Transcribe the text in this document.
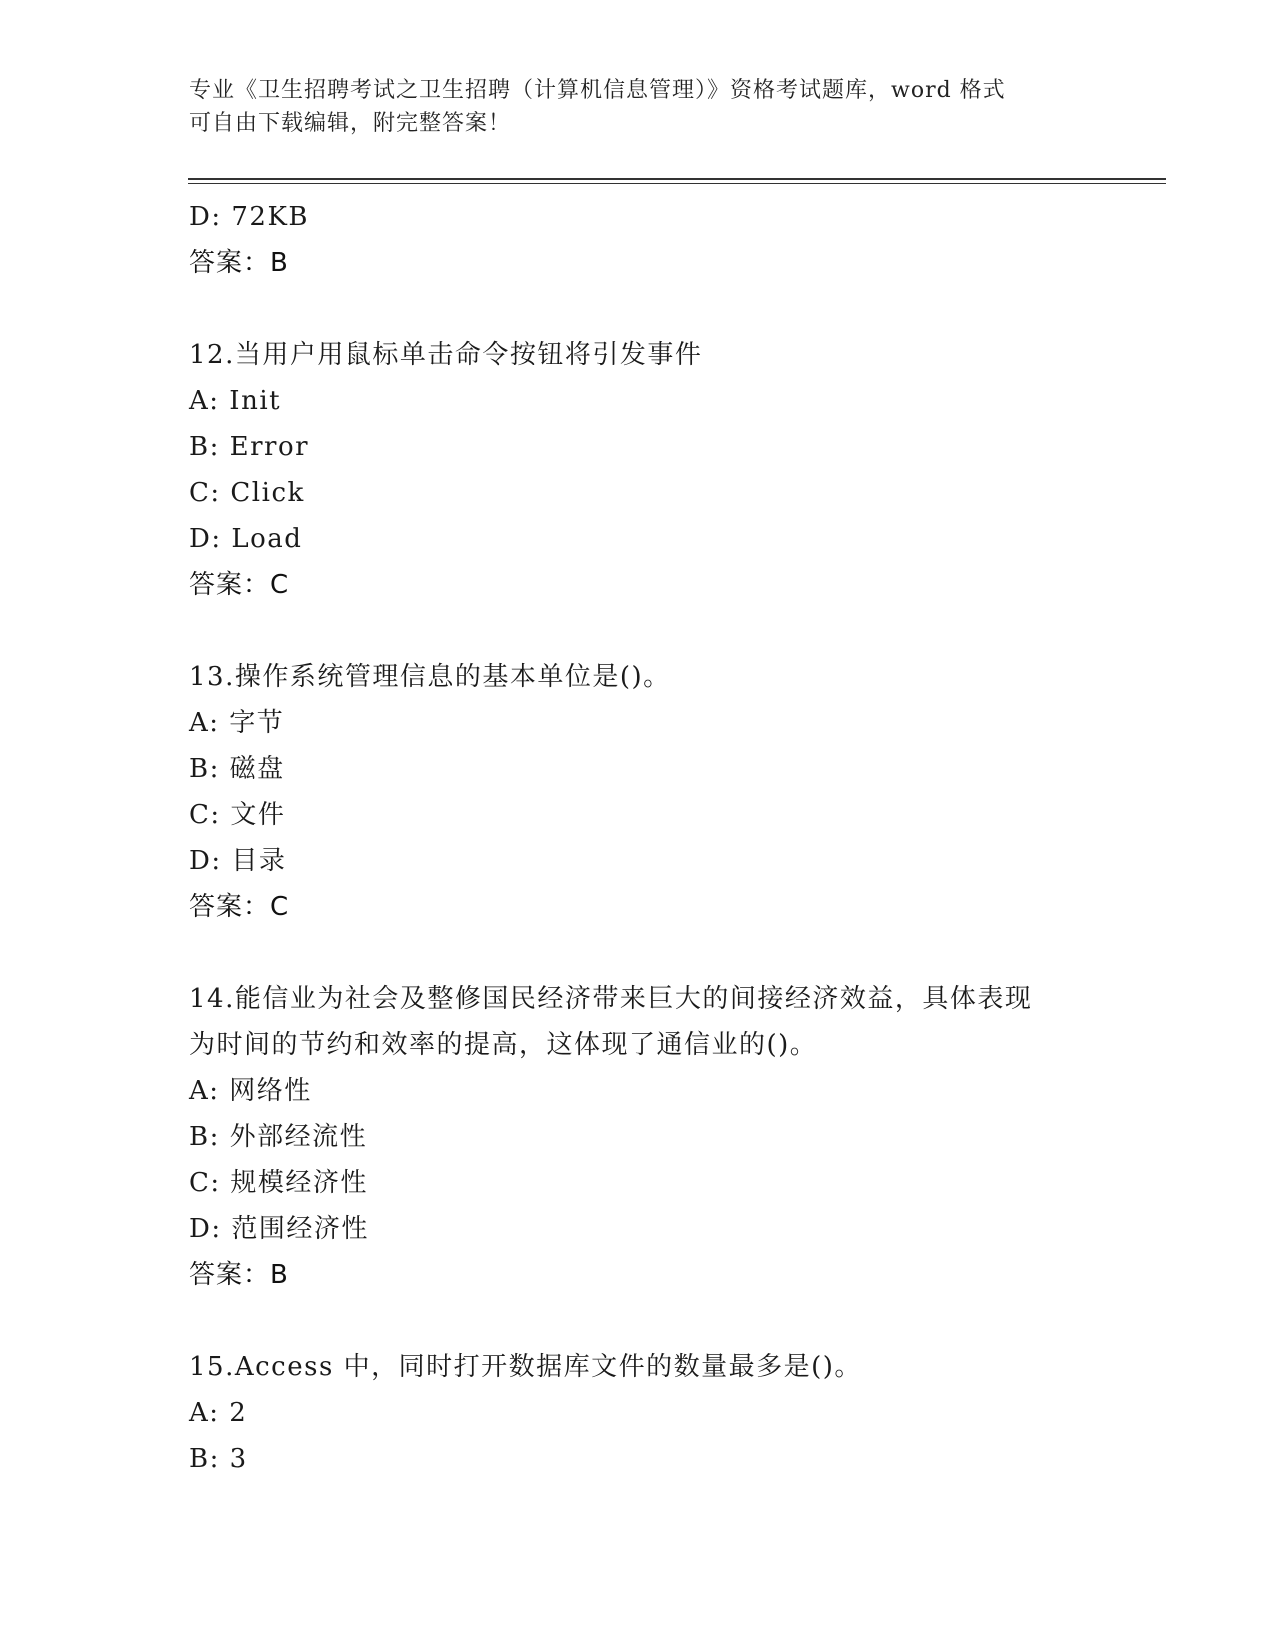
专业《卫生招聘考试之卫生招聘（计算机信息管理）》资格考试题库，word 格式
可自由下载编辑，附完整答案！
D: 72KB
答案：B
12.当用户用鼠标单击命令按钮将引发事件
A: Init
B: Error
C: Click
D: Load
答案：C
13.操作系统管理信息的基本单位是()。
A: 字节
B: 磁盘
C: 文件
D: 目录
答案：C
14.能信业为社会及整修国民经济带来巨大的间接经济效益，具体表现
为时间的节约和效率的提高，这体现了通信业的()。
A: 网络性
B: 外部经流性
C: 规模经济性
D: 范围经济性
答案：B
15.Access 中，同时打开数据库文件的数量最多是()。
A: 2
B: 3
